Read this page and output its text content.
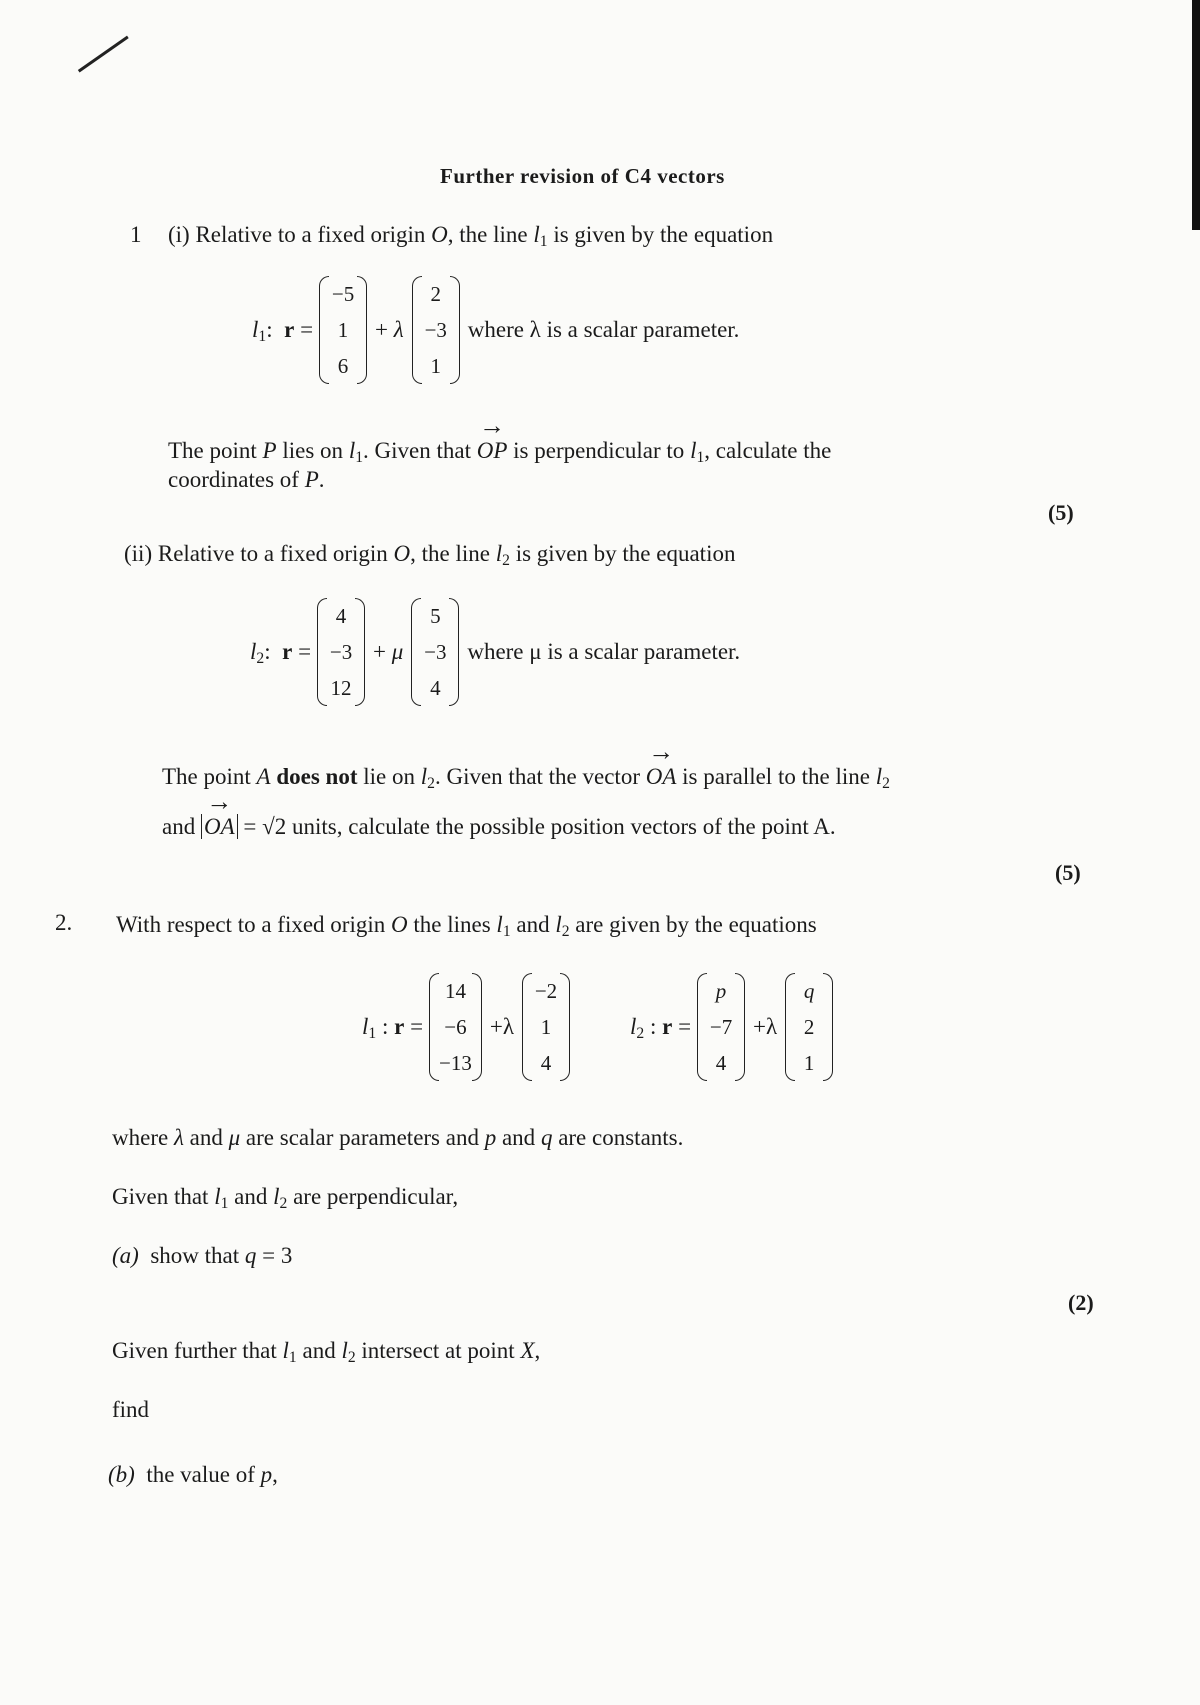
Further revision of C4 vectors
1 (i) Relative to a fixed origin O, the line $l_1$ is given by the equation
$l_1$:  r =
−5
1
6
+ λ
2
−3
1
where λ is a scalar parameter.
The point P lies on $l_1$. Given that → OP is perpendicular to $l_1$, calculate the
coordinates of P.
(5)
(ii) Relative to a fixed origin O, the line $l_2$ is given by the equation
$l_2$:  r =
4
−3
12
+ μ
5
−3
4
where μ is a scalar parameter.
The point A does not lie on $l_2$. Given that the vector → OA is parallel to the line $l_2$
and → OA = √2 units, calculate the possible position vectors of the point A.
(5)
2. With respect to a fixed origin O the lines $l_1$ and $l_2$ are given by the equations
$l_1$ : r =
14
−6
−13
+λ
−2
1
4
$l_2$ : r =
p
−7
4
+λ
q
2
1
where λ and μ are scalar parameters and p and q are constants.
Given that $l_1$ and $l_2$ are perpendicular,
(a)  show that q = 3
(2)
Given further that $l_1$ and $l_2$ intersect at point X,
find
(b)  the value of p,
